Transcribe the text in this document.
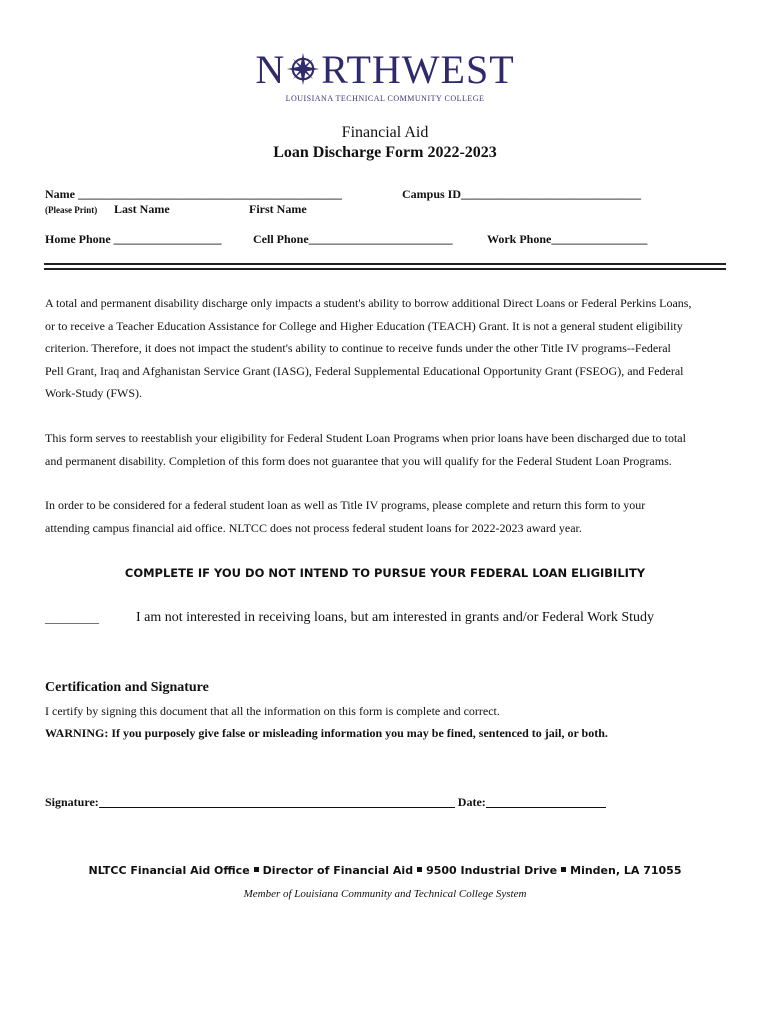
N RTHWEST
LOUISIANA TECHNICAL COMMUNITY COLLEGE
Financial Aid
Loan Discharge Form 2022-2023
Name ____________________________________________	Campus ID______________________________
(Please Print) Last Name	First Name
Home Phone __________________	Cell Phone________________________	Work Phone________________
A total and permanent disability discharge only impacts a student's ability to borrow additional Direct Loans or Federal Perkins Loans,
or to receive a Teacher Education Assistance for College and Higher Education (TEACH) Grant. It is not a general student eligibility
criterion. Therefore, it does not impact the student's ability to continue to receive funds under the other Title IV programs--Federal
Pell Grant, Iraq and Afghanistan Service Grant (IASG), Federal Supplemental Educational Opportunity Grant (FSEOG), and Federal
Work-Study (FWS).
This form serves to reestablish your eligibility for Federal Student Loan Programs when prior loans have been discharged due to total
and permanent disability. Completion of this form does not guarantee that you will qualify for the Federal Student Loan Programs.
In order to be considered for a federal student loan as well as Title IV programs, please complete and return this form to your
attending campus financial aid office. NLTCC does not process federal student loans for 2022-2023 award year.
COMPLETE IF YOU DO NOT INTEND TO PURSUE YOUR FEDERAL LOAN ELIGIBILITY
_________	I am not interested in receiving loans, but am interested in grants and/or Federal Work Study
Certification and Signature
I certify by signing this document that all the information on this form is complete and correct.
WARNING: If you purposely give false or misleading information you may be fined, sentenced to jail, or both.
Signature:	Date:
NLTCC Financial Aid Office Director of Financial Aid 9500 Industrial Drive Minden, LA 71055
Member of Louisiana Community and Technical College System
